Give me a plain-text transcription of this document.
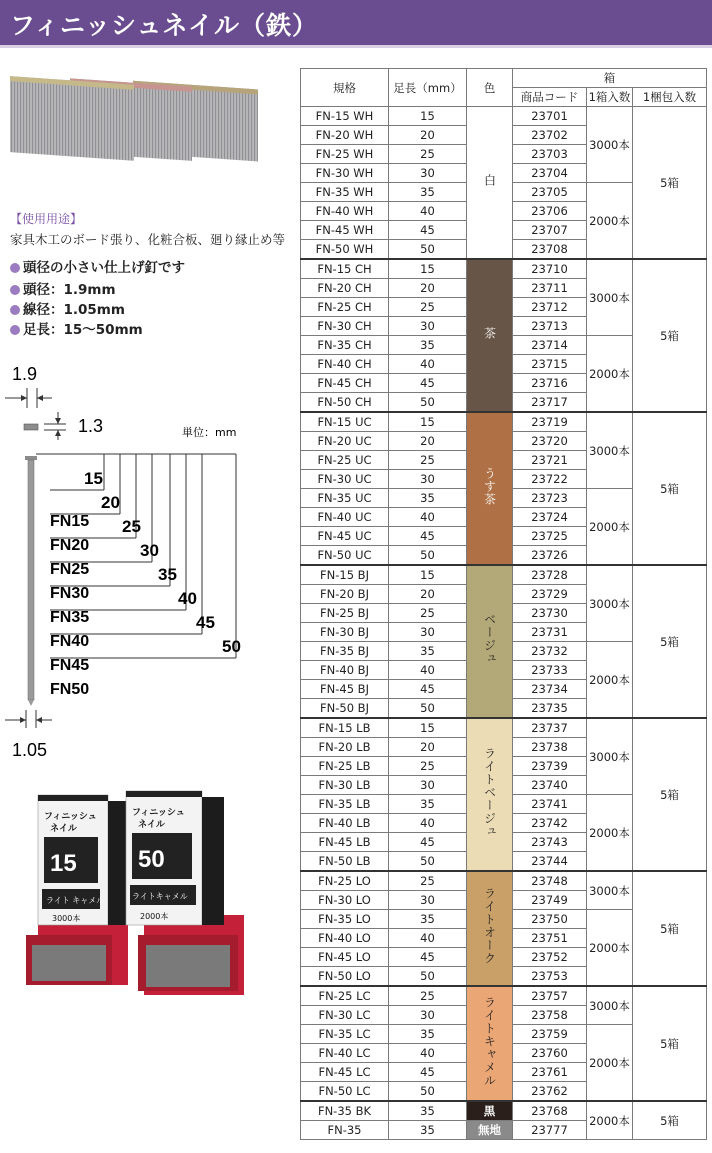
フィニッシュネイル（鉄）
【使用用途】
家具木工のボード張り、化粧合板、廻り縁止め等
頭径の小さい仕上げ釘です
頭径：1.9mm
線径：1.05mm
足長：15〜50mm
1.9
1.3	単位：mm
15
20
25
30
35
40
45
50
FN15
FN20
FN25
FN30
FN35
FN40
FN45
FN50
1.05
フィニッシュ
ネイル
15
ライト キャメル
3000本
フィニッシュ
ネイル
50
ライトキャメル
2000本
規格	足長（mm）	色	箱		
			商品コード	1箱入数	1梱包入数
FN-15 WH	15	白	23701	3000本	5箱
FN-20 WH	20		23702		
FN-25 WH	25		23703		
FN-30 WH	30		23704		
FN-35 WH	35		23705	2000本	
FN-40 WH	40		23706		
FN-45 WH	45		23707		
FN-50 WH	50		23708		
FN-15 CH	15	茶	23710	3000本	5箱
FN-20 CH	20		23711		
FN-25 CH	25		23712		
FN-30 CH	30		23713		
FN-35 CH	35		23714	2000本	
FN-40 CH	40		23715		
FN-45 CH	45		23716		
FN-50 CH	50		23717		
FN-15 UC	15	うす茶	23719	3000本	5箱
FN-20 UC	20		23720		
FN-25 UC	25		23721		
FN-30 UC	30		23722		
FN-35 UC	35		23723	2000本	
FN-40 UC	40		23724		
FN-45 UC	45		23725		
FN-50 UC	50		23726		
FN-15 BJ	15	ベージュ	23728	3000本	5箱
FN-20 BJ	20		23729		
FN-25 BJ	25		23730		
FN-30 BJ	30		23731		
FN-35 BJ	35		23732	2000本	
FN-40 BJ	40		23733		
FN-45 BJ	45		23734		
FN-50 BJ	50		23735		
FN-15 LB	15	ライトベージュ	23737	3000本	5箱
FN-20 LB	20		23738		
FN-25 LB	25		23739		
FN-30 LB	30		23740		
FN-35 LB	35		23741	2000本	
FN-40 LB	40		23742		
FN-45 LB	45		23743		
FN-50 LB	50		23744		
FN-25 LO	25	ライトオーク	23748	3000本	5箱
FN-30 LO	30		23749		
FN-35 LO	35		23750	2000本	
FN-40 LO	40		23751		
FN-45 LO	45		23752		
FN-50 LO	50		23753		
FN-25 LC	25	ライトキャメル	23757	3000本	5箱
FN-30 LC	30		23758		
FN-35 LC	35		23759	2000本	
FN-40 LC	40		23760		
FN-45 LC	45		23761		
FN-50 LC	50		23762		
FN-35 BK	35	黒	23768	2000本	5箱
FN-35	35	無地	23777		
